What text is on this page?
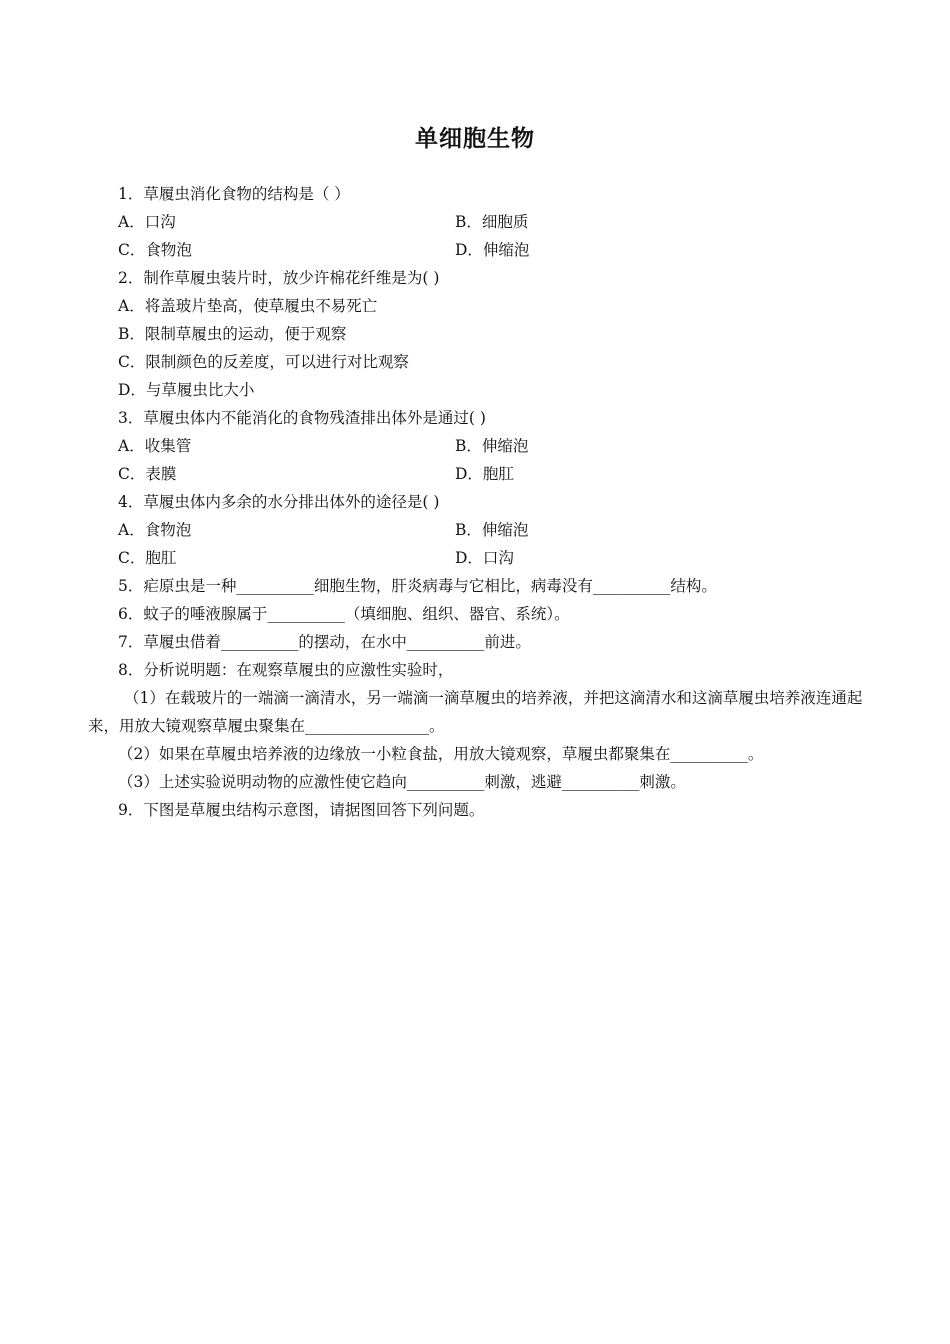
单细胞生物
1．草履虫消化食物的结构是（ ）
A．口沟	B．细胞质
C．食物泡	D．伸缩泡
2．制作草履虫装片时，放少许棉花纤维是为( )
A．将盖玻片垫高，使草履虫不易死亡
B．限制草履虫的运动，便于观察
C．限制颜色的反差度，可以进行对比观察
D．与草履虫比大小
3．草履虫体内不能消化的食物残渣排出体外是通过( )
A．收集管	B．伸缩泡
C．表膜	D．胞肛
4．草履虫体内多余的水分排出体外的途径是( )
A．食物泡	B．伸缩泡
C．胞肛	D．口沟
5．疟原虫是一种__________细胞生物，肝炎病毒与它相比，病毒没有__________结构。
6．蚊子的唾液腺属于__________（填细胞、组织、器官、系统）。
7．草履虫借着__________的摆动，在水中__________前进。
8．分析说明题：在观察草履虫的应激性实验时，
（1）在载玻片的一端滴一滴清水，另一端滴一滴草履虫的培养液，并把这滴清水和这滴草履虫培养液连通起来，用放大镜观察草履虫聚集在________________。
（2）如果在草履虫培养液的边缘放一小粒食盐，用放大镜观察，草履虫都聚集在__________。
（3）上述实验说明动物的应激性使它趋向__________刺激，逃避__________刺激。
9．下图是草履虫结构示意图，请据图回答下列问题。
